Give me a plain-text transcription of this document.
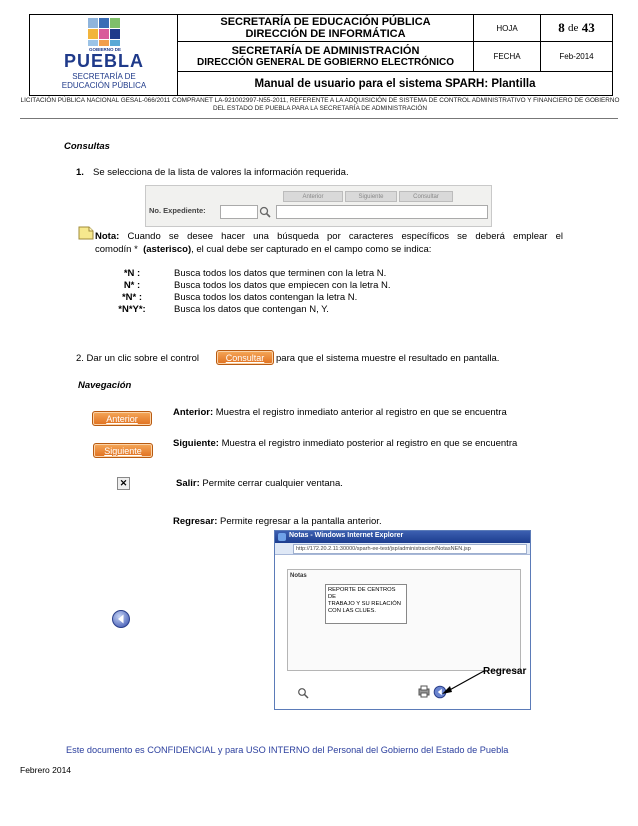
GOBIERNO DE
PUEBLA
SECRETARÍA DE
EDUCACIÓN PÚBLICA
SECRETARÍA DE EDUCACIÓN PÚBLICA
DIRECCIÓN DE INFORMÁTICA	HOJA	8
de
43
SECRETARÍA DE ADMINISTRACIÓN
DIRECCIÓN GENERAL DE GOBIERNO ELECTRÓNICO	FECHA	Feb-2014
Manual de usuario para el sistema SPARH: Plantilla
LICITACIÓN PÚBLICA NACIONAL GESAL-066/2011 COMPRANET LA-921002997-N55-2011, REFERENTE A LA ADQUISICIÓN DE SISTEMA DE CONTROL ADMINISTRATIVO Y FINANCIERO DE GOBIERNO DEL ESTADO DE PUEBLA PARA LA SECRETARÍA DE ADMINISTRACIÓN
Consultas
1. Se selecciona de la lista de valores la información requerida.
Anterior	Siguiente	Consultar
No. Expediente:
Nota: Cuando se desee hacer una búsqueda por caracteres específicos se deberá emplear el
comodín * (asterisco), el cual debe ser capturado en el campo como se indica:
*N :	Busca todos los datos que terminen con la letra N.
N* :	Busca todos los datos que empiecen con la letra N.
*N* :	Busca todos los datos contengan la letra N.
*N*Y*:	Busca los datos que contengan N, Y.
2. Dar un clic sobre el control	Consultar para que el sistema muestre el resultado en pantalla.
Navegación
Anterior
Anterior: Muestra el registro inmediato anterior al registro en que se encuentra
Siguiente
Siguiente: Muestra el registro inmediato posterior al registro en que se encuentra
✕	Salir: Permite cerrar cualquier ventana.
Regresar: Permite regresar a la pantalla anterior.
Notas - Windows Internet Explorer
http://172.20.2.11:30000/sparh-ee-test/jsp/administracion/NotasNEN.jsp
Notas
REPORTE DE CENTROS DE
TRABAJO Y SU RELACIÓN
CON LAS CLUES.
Regresar
Este documento es CONFIDENCIAL y para USO INTERNO del Personal del Gobierno del Estado de Puebla
Febrero 2014
